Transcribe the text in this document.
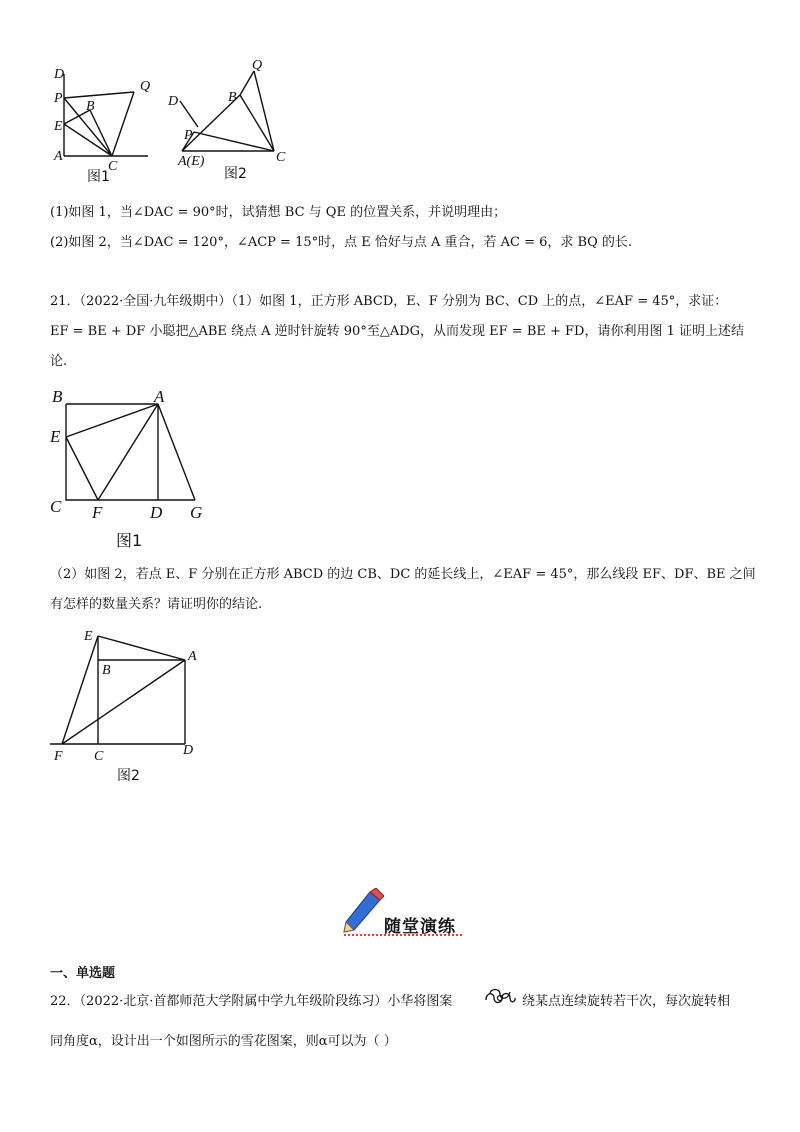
D
P
B
Q
E
A
C
图1
Q
D	B
P
A(E)	C
图2
(1)如图 1，当∠DAC = 90°时，试猜想 BC 与 QE 的位置关系，并说明理由；
(2)如图 2，当∠DAC = 120°，∠ACP = 15°时，点 E 恰好与点 A 重合，若 AC = 6，求 BQ 的长.
21．（2022·全国·九年级期中）（1）如图 1，正方形 ABCD，E、F 分别为 BC、CD 上的点，∠EAF = 45°，求证：
EF = BE + DF 小聪把△ABE 绕点 A 逆时针旋转 90°至△ADG，从而发现 EF = BE + FD，请你利用图 1 证明上述结
论.
B	A
E
C F	D G
图1
（2）如图 2，若点 E、F 分别在正方形 ABCD 的边 CB、DC 的延长线上，∠EAF = 45°，那么线段 EF、DF、BE 之间
有怎样的数量关系？请证明你的结论.
E
A
B
F C	D
图2
随堂演练
一、单选题
22．（2022·北京·首都师范大学附属中学九年级阶段练习）小华将图案	绕某点连续旋转若干次，每次旋转相
同角度α，设计出一个如图所示的雪花图案，则α可以为（ ）
